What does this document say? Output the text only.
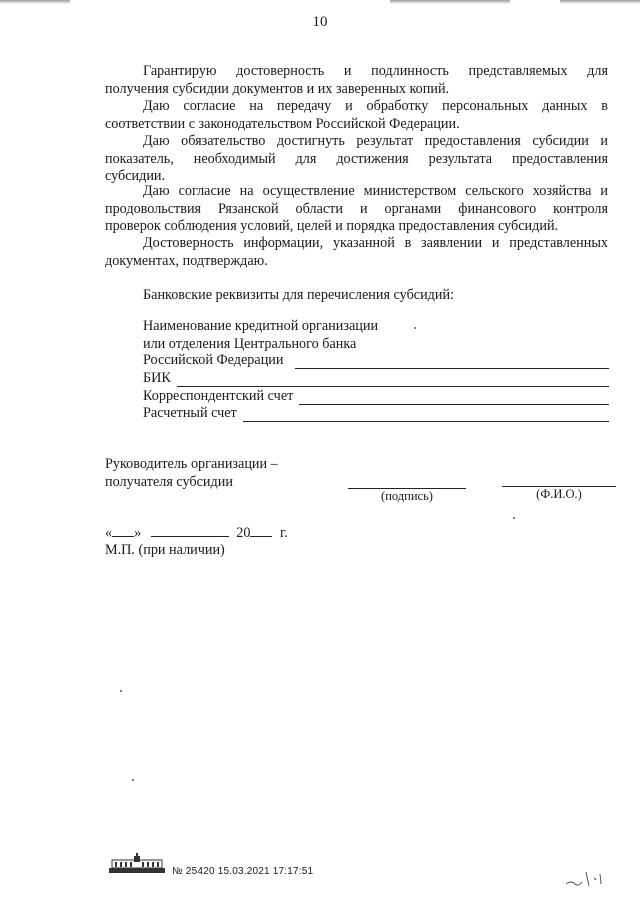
10
Гарантирую достоверность и подлинность представляемых для
получения субсидии документов и их заверенных копий.
Даю согласие на передачу и обработку персональных данных в
соответствии с законодательством Российской Федерации.
Даю обязательство достигнуть результат предоставления субсидии и
показатель, необходимый для достижения результата предоставления
субсидии.
Даю согласие на осуществление министерством сельского хозяйства и
продовольствия Рязанской области и органами финансового контроля
проверок соблюдения условий, целей и порядка предоставления субсидий.
Достоверность информации, указанной в заявлении и представленных
документах, подтверждаю.
Банковские реквизиты для перечисления субсидий:
Наименование кредитной организации
или отделения Центрального банка
Российской Федерации
БИК
Корреспондентский счет
Расчетный счет
Руководитель организации –
получателя субсидии
(подпись)	(Ф.И.О.)
« »	20 г.
М.П. (при наличии)
№ 25420 15.03.2021 17:17:51
